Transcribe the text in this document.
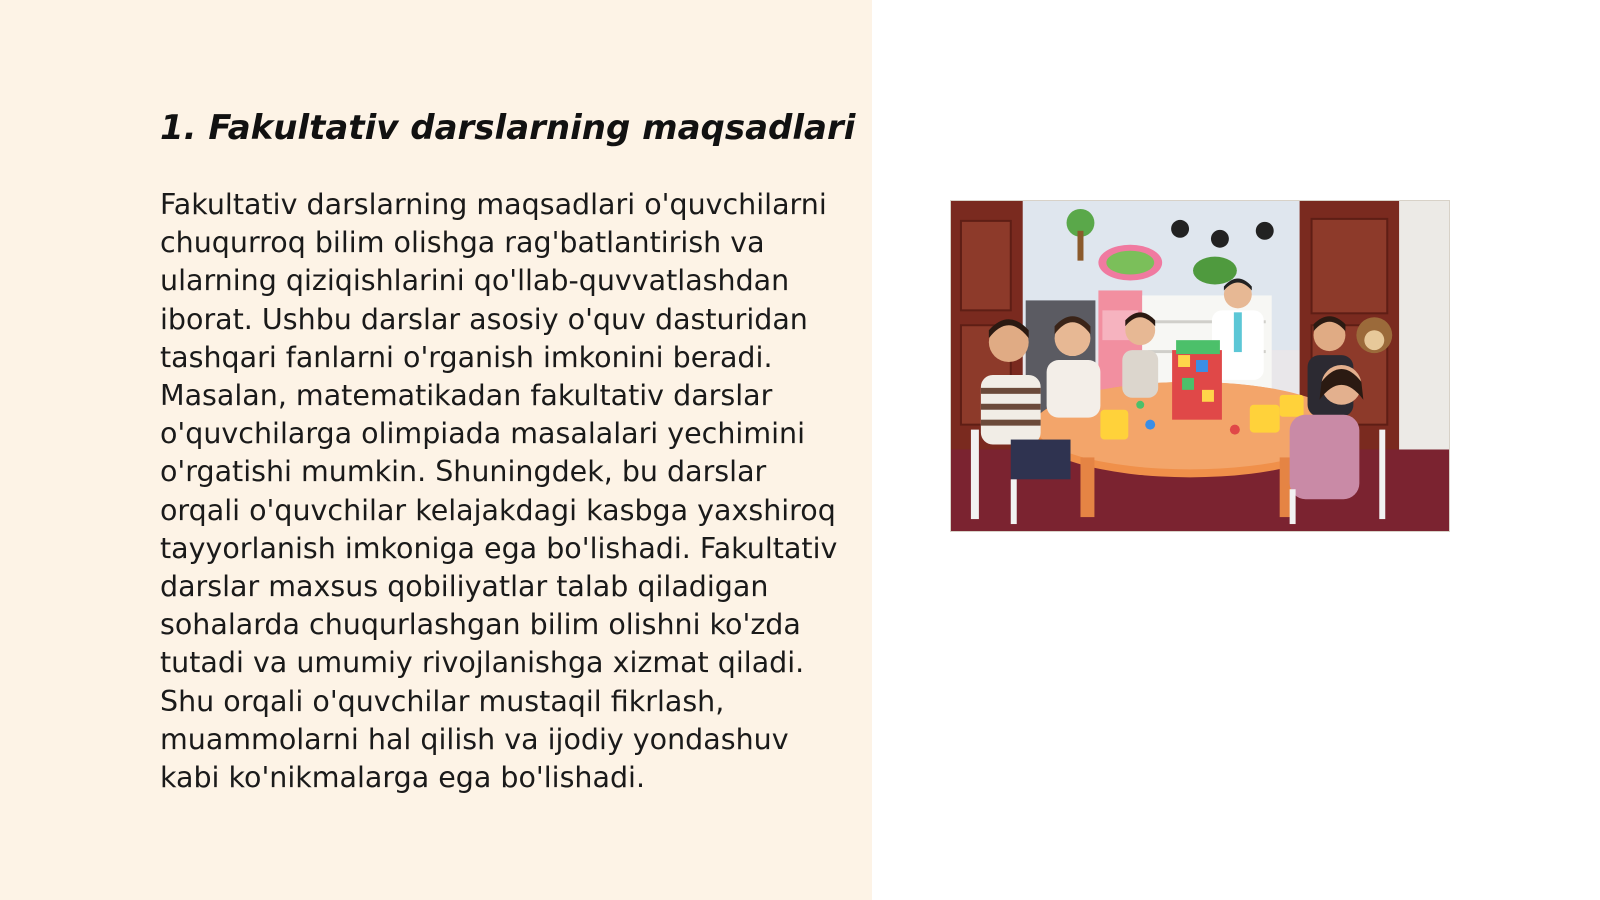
1. Fakultativ darslarning maqsadlari

Fakultativ darslarning maqsadlari o'quvchilarni chuqurroq bilim olishga rag'batlantirish va ularning qiziqishlarini qo'llab-quvvatlashdan iborat. Ushbu darslar asosiy o'quv dasturidan tashqari fanlarni o'rganish imkonini beradi. Masalan, matematikadan fakultativ darslar o'quvchilarga olimpiada masalalari yechimini o'rgatishi mumkin. Shuningdek, bu darslar orqali o'quvchilar kelajakdagi kasbga yaxshiroq tayyorlanish imkoniga ega bo'lishadi. Fakultativ darslar maxsus qobiliyatlar talab qiladigan sohalarda chuqurlashgan bilim olishni ko'zda tutadi va umumiy rivojlanishga xizmat qiladi. Shu orqali o'quvchilar mustaqil fikrlash, muammolarni hal qilish va ijodiy yondashuv kabi ko'nikmalarga ega bo'lishadi.
